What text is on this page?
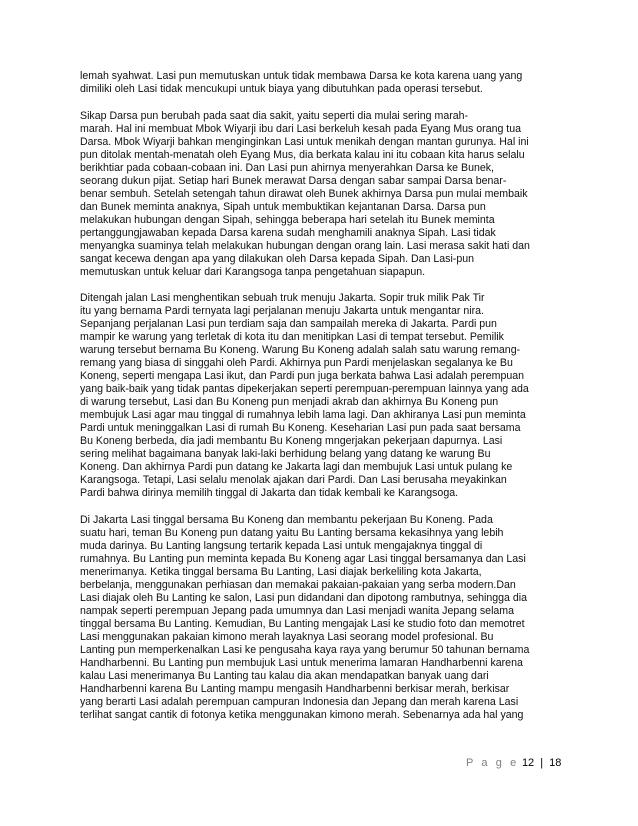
lemah syahwat. Lasi pun memutuskan untuk tidak membawa Darsa ke kota karena uang yang
dimiliki oleh Lasi tidak mencukupi untuk biaya yang dibutuhkan pada operasi tersebut.

Sikap Darsa pun berubah pada saat dia sakit, yaitu seperti dia mulai sering marah-
marah. Hal ini membuat Mbok Wiyarji ibu dari Lasi berkeluh kesah pada Eyang Mus orang tua
Darsa. Mbok Wiyarji bahkan menginginkan Lasi untuk menikah dengan mantan gurunya. Hal ini
pun ditolak mentah-menatah oleh Eyang Mus, dia berkata kalau ini itu cobaan kita harus selalu
berikhtiar pada cobaan-cobaan ini. Dan Lasi pun ahirnya menyerahkan Darsa ke Bunek,
seorang dukun pijat. Setiap hari Bunek merawat Darsa dengan sabar sampai Darsa benar-
benar sembuh. Setelah setengah tahun dirawat oleh Bunek akhirnya Darsa pun mulai membaik
dan Bunek meminta anaknya, Sipah untuk membuktikan kejantanan Darsa. Darsa pun
melakukan hubungan dengan Sipah, sehingga beberapa hari setelah itu Bunek meminta
pertanggungjawaban kepada Darsa karena sudah menghamili anaknya Sipah. Lasi tidak
menyangka suaminya telah melakukan hubungan dengan orang lain. Lasi merasa sakit hati dan
sangat kecewa dengan apa yang dilakukan oleh Darsa kepada Sipah. Dan Lasi-pun
memutuskan untuk keluar dari Karangsoga tanpa pengetahuan siapapun.

Ditengah jalan Lasi menghentikan sebuah truk menuju Jakarta. Sopir truk milik Pak Tir
itu yang bernama Pardi ternyata lagi perjalanan menuju Jakarta untuk mengantar nira.
Sepanjang perjalanan Lasi pun terdiam saja dan sampailah mereka di Jakarta. Pardi pun
mampir ke warung yang terletak di kota itu dan menitipkan Lasi di tempat tersebut. Pemilik
warung tersebut bernama Bu Koneng. Warung Bu Koneng adalah salah satu warung remang-
remang yang biasa di singgahi oleh Pardi. Akhirnya pun Pardi menjelaskan segalanya ke Bu
Koneng, seperti mengapa Lasi ikut, dan Pardi pun juga berkata bahwa Lasi adalah perempuan
yang baik-baik yang tidak pantas dipekerjakan seperti perempuan-perempuan lainnya yang ada
di warung tersebut, Lasi dan Bu Koneng pun menjadi akrab dan akhirnya Bu Koneng pun
membujuk Lasi agar mau tinggal di rumahnya lebih lama lagi. Dan akhiranya Lasi pun meminta
Pardi untuk meninggalkan Lasi di rumah Bu Koneng. Keseharian Lasi pun pada saat bersama
Bu Koneng berbeda, dia jadi membantu Bu Koneng mngerjakan pekerjaan dapurnya. Lasi
sering melihat bagaimana banyak laki-laki berhidung belang yang datang ke warung Bu
Koneng. Dan akhirnya Pardi pun datang ke Jakarta lagi dan membujuk Lasi untuk pulang ke
Karangsoga. Tetapi, Lasi selalu menolak ajakan dari Pardi. Dan Lasi berusaha meyakinkan
Pardi bahwa dirinya memilih tinggal di Jakarta dan tidak kembali ke Karangsoga.

Di Jakarta Lasi tinggal bersama Bu Koneng dan membantu pekerjaan Bu Koneng. Pada
suatu hari, teman Bu Koneng pun datang yaitu Bu Lanting bersama kekasihnya yang lebih
muda darinya. Bu Lanting langsung tertarik kepada Lasi untuk mengajaknya tinggal di
rumahnya. Bu Lanting pun meminta kepada Bu Koneng agar Lasi tinggal bersamanya dan Lasi
menerimanya. Ketika tinggal bersama Bu Lanting, Lasi diajak berkeliling kota Jakarta,
berbelanja, menggunakan perhiasan dan memakai pakaian-pakaian yang serba modern.Dan
Lasi diajak oleh Bu Lanting ke salon, Lasi pun didandani dan dipotong rambutnya, sehingga dia
nampak seperti perempuan Jepang pada umumnya dan Lasi menjadi wanita Jepang selama
tinggal bersama Bu Lanting. Kemudian, Bu Lanting mengajak Lasi ke studio foto dan memotret
Lasi menggunakan pakaian kimono merah layaknya Lasi seorang model profesional. Bu
Lanting pun memperkenalkan Lasi ke pengusaha kaya raya yang berumur 50 tahunan bernama
Handharbenni. Bu Lanting pun membujuk Lasi untuk menerima lamaran Handharbenni karena
kalau Lasi menerimanya Bu Lanting tau kalau dia akan mendapatkan banyak uang dari
Handharbenni karena Bu Lanting mampu mengasih Handharbenni berkisar merah, berkisar
yang berarti Lasi adalah perempuan campuran Indonesia dan Jepang dan merah karena Lasi
terlihat sangat cantik di fotonya ketika menggunakan kimono merah. Sebenarnya ada hal yang

P a g e 12 | 18
